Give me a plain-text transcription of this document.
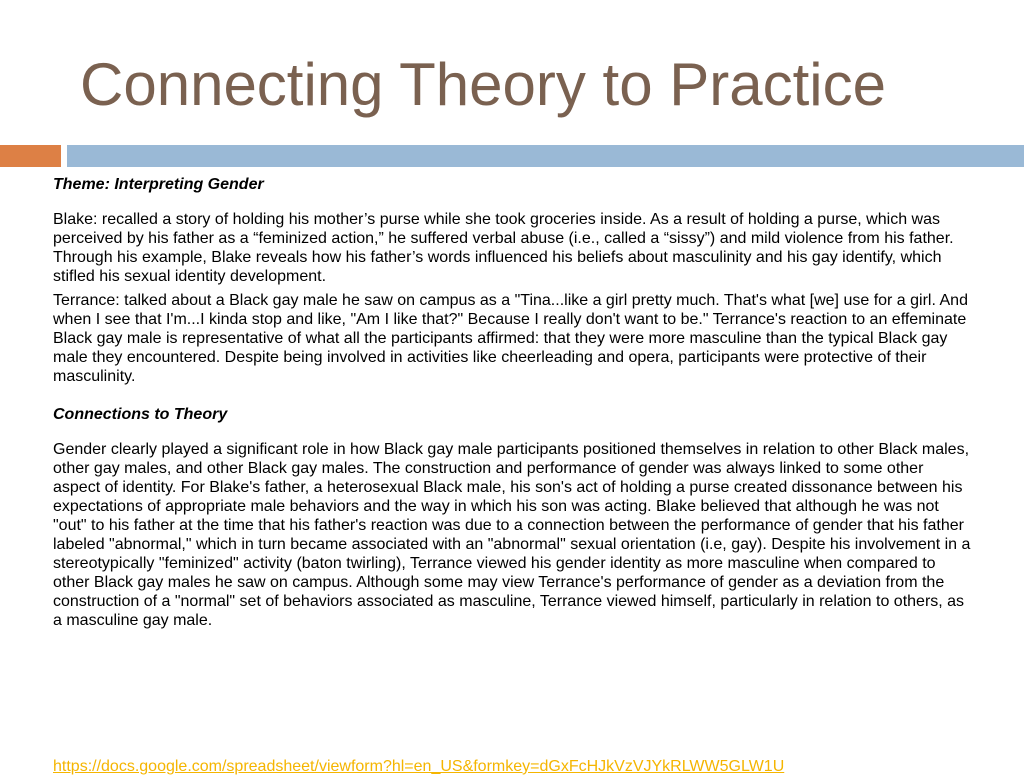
Connecting Theory to Practice

Theme: Interpreting Gender

Blake: recalled a story of holding his mother’s purse while she took groceries inside. As a result of holding a purse, which was perceived by his father as a “feminized action,” he suffered verbal abuse (i.e., called a “sissy”) and mild violence from his father. Through his example, Blake reveals how his father’s words influenced his beliefs about masculinity and his gay identify, which stifled his sexual identity development.

Terrance: talked about a Black gay male he saw on campus as a "Tina...like a girl pretty much. That's what [we] use for a girl. And when I see that I'm...I kinda stop and like, "Am I like that?" Because I really don't want to be." Terrance's reaction to an effeminate Black gay male is representative of what all the participants affirmed: that they were more masculine than the typical Black gay male they encountered. Despite being involved in activities like cheerleading and opera, participants were protective of their masculinity.

Connections to Theory

Gender clearly played a significant role in how Black gay male participants positioned themselves in relation to other Black males, other gay males, and other Black gay males. The construction and performance of gender was always linked to some other aspect of identity. For Blake's father, a heterosexual Black male, his son's act of holding a purse created dissonance between his expectations of appropriate male behaviors and the way in which his son was acting. Blake believed that although he was not "out" to his father at the time that his father's reaction was due to a connection between the performance of gender that his father labeled "abnormal," which in turn became associated with an "abnormal" sexual orientation (i.e, gay). Despite his involvement in a stereotypically "feminized" activity (baton twirling), Terrance viewed his gender identity as more masculine when compared to other Black gay males he saw on campus. Although some may view Terrance's performance of gender as a deviation from the construction of a "normal" set of behaviors associated as masculine, Terrance viewed himself, particularly in relation to others, as a masculine gay male.

https://docs.google.com/spreadsheet/viewform?hl=en_US&formkey=dGxFcHJkVzVJYkRLWW5GLW1U
